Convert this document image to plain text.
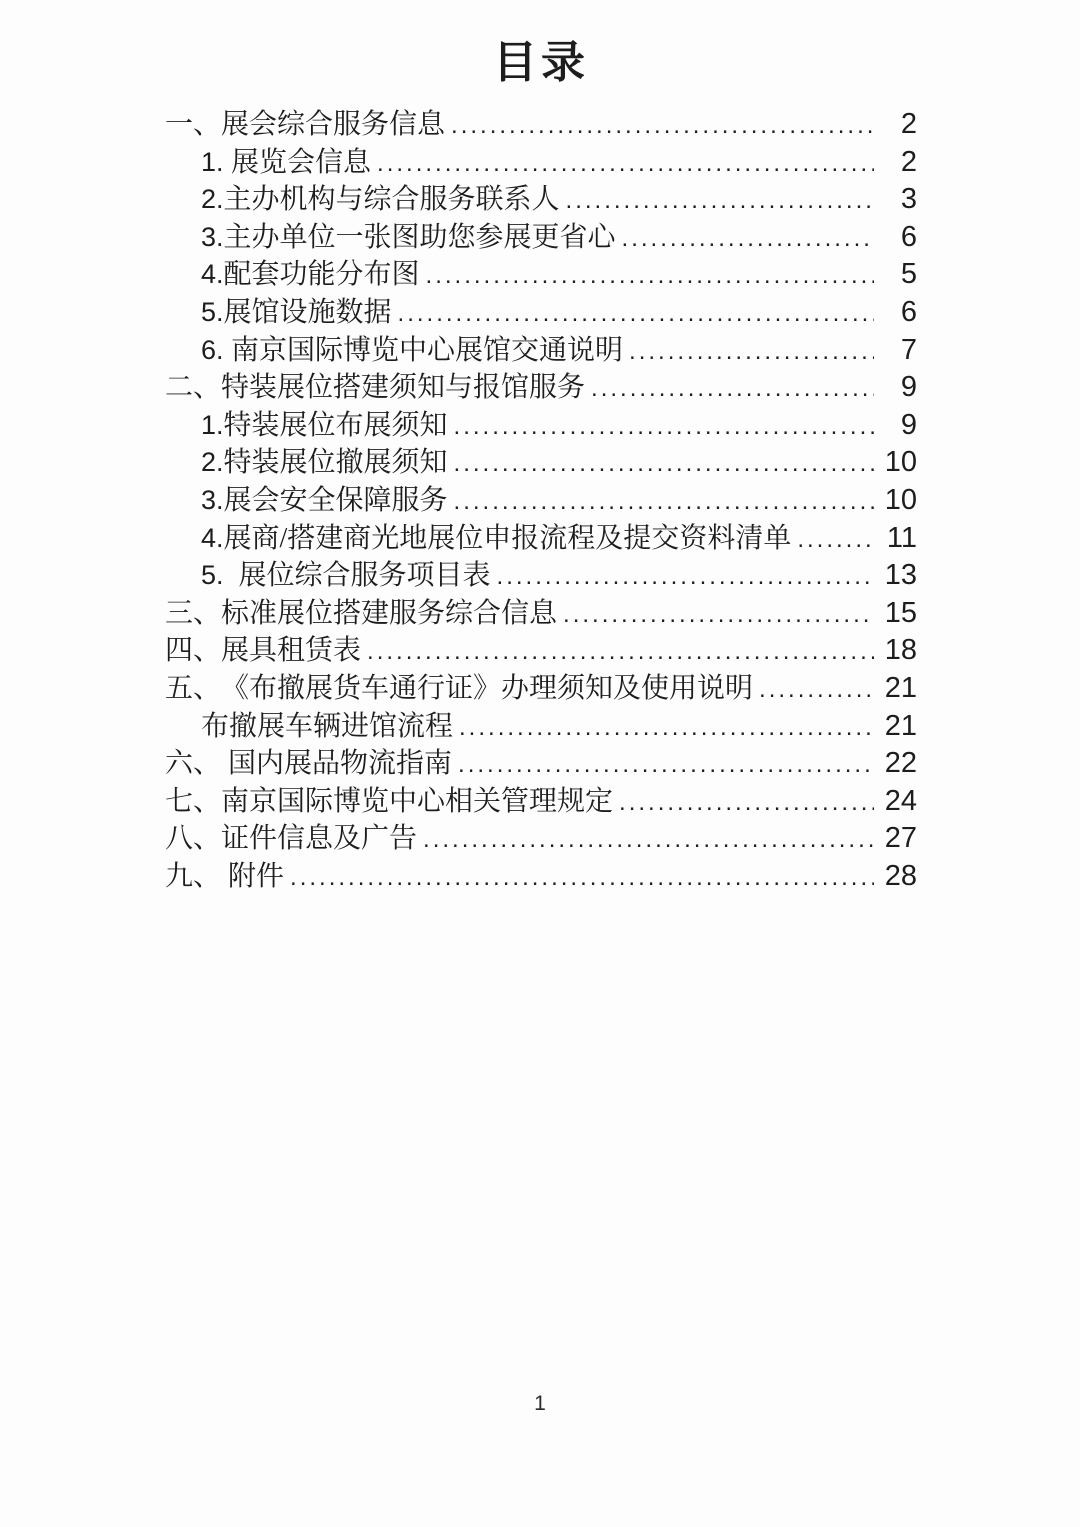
目录
一、 展会综合服务信息 .....	2
1. 展览会信息 .....	2
2. 主办机构与综合服务联系人 .....	3
3. 主办单位一张图助您参展更省心 .....	6
4. 配套功能分布图 .....	5
5. 展馆设施数据 .....	6
6. 南京国际博览中心展馆交通说明 .....	7
二、 特装展位搭建须知与报馆服务 .....	9
1. 特装展位布展须知 .....	9
2. 特装展位撤展须知 .....	10
3. 展会安全保障服务 .....	10
4. 展商/搭建商光地展位申报流程及提交资料清单 .....	11
5. 展位综合服务项目表 .....	13
三、 标准展位搭建服务综合信息 .....	15
四、 展具租赁表 .....	18
五、 《布撤展货车通行证》办理须知及使用说明 .....	21
布撤展车辆进馆流程 .....	21
六、 国内展品物流指南 .....	22
七、 南京国际博览中心相关管理规定 .....	24
八、 证件信息及广告 .....	27
九、 附件 .....	28
1
